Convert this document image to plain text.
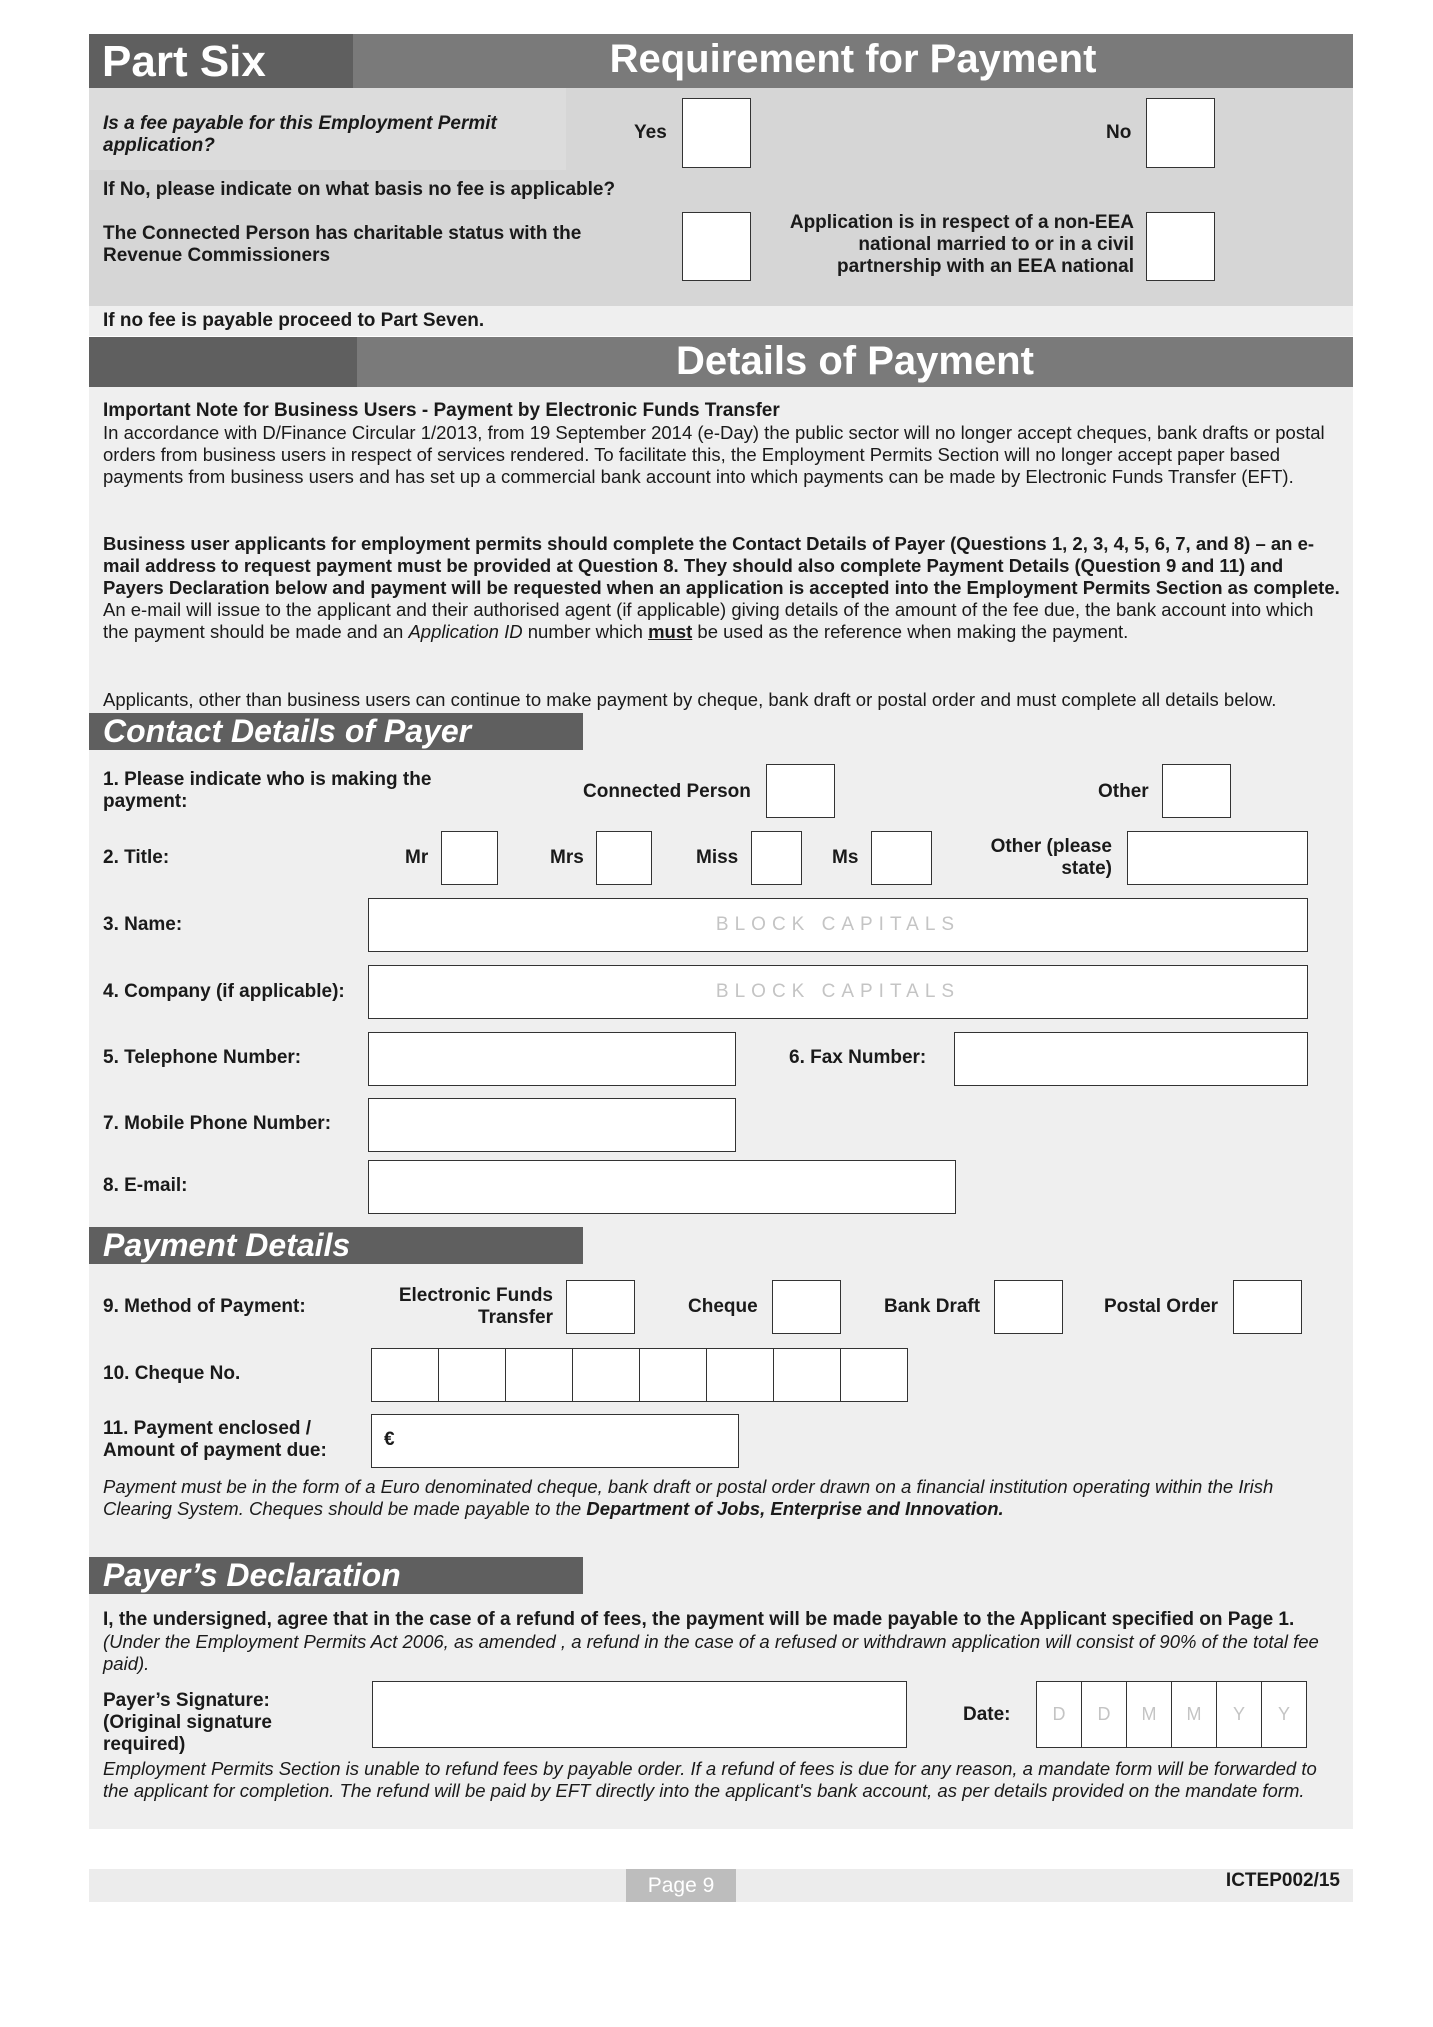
Part Six	Requirement for Payment
Is a fee payable for this Employment Permit application?
Yes	No
If No, please indicate on what basis no fee is applicable?
The Connected Person has charitable status with the Revenue Commissioners
Application is in respect of a non-EEA national married to or in a civil partnership with an EEA national
If no fee is payable proceed to Part Seven.
Details of Payment
Important Note for Business Users - Payment by Electronic Funds Transfer
In accordance with D/Finance Circular 1/2013, from 19 September 2014 (e-Day) the public sector will no longer accept cheques, bank drafts or postal orders from business users in respect of services rendered. To facilitate this, the Employment Permits Section will no longer accept paper based payments from business users and has set up a commercial bank account into which payments can be made by Electronic Funds Transfer (EFT).
Business user applicants for employment permits should complete the Contact Details of Payer (Questions 1, 2, 3, 4, 5, 6, 7, and 8) – an e-mail address to request payment must be provided at Question 8. They should also complete Payment Details (Question 9 and 11) and Payers Declaration below and payment will be requested when an application is accepted into the Employment Permits Section as complete. An e-mail will issue to the applicant and their authorised agent (if applicable) giving details of the amount of the fee due, the bank account into which the payment should be made and an Application ID number which must be used as the reference when making the payment.
Applicants, other than business users can continue to make payment by cheque, bank draft or postal order and must complete all details below.
Contact Details of Payer
1. Please indicate who is making the payment:	Connected Person	Other
2. Title:	Mr	Mrs	Miss	Ms
Other (please state)
3. Name:	BLOCK CAPITALS
4. Company (if applicable):	BLOCK CAPITALS
5. Telephone Number:	6. Fax Number:
7. Mobile Phone Number:
8. E-mail:
Payment Details
9. Method of Payment:
Electronic Funds Transfer
Cheque	Bank Draft	Postal Order
10. Cheque No.
11. Payment enclosed / Amount of payment due:
€
Payment must be in the form of a Euro denominated cheque, bank draft or postal order drawn on a financial institution operating within the Irish Clearing System. Cheques should be made payable to the Department of Jobs, Enterprise and Innovation.
Payer’s Declaration
I, the undersigned, agree that in the case of a refund of fees, the payment will be made payable to the Applicant specified on Page 1.
(Under the Employment Permits Act 2006, as amended , a refund in the case of a refused or withdrawn application will consist of 90% of the total fee paid).
Payer’s Signature: (Original signature required)
Date:	D	D	M	M	Y	Y
Employment Permits Section is unable to refund fees by payable order. If a refund of fees is due for any reason, a mandate form will be forwarded to the applicant for completion. The refund will be paid by EFT directly into the applicant's bank account, as per details provided on the mandate form.
Page 9	ICTEP002/15
